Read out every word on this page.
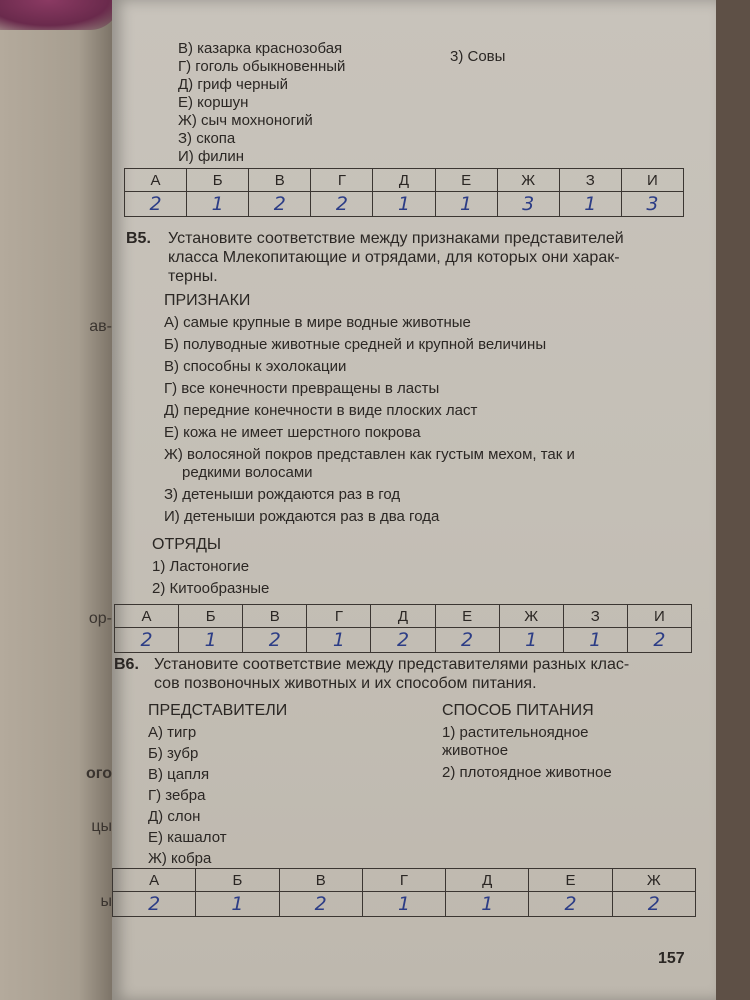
ав-
ор-
ого
цы
ы
В) казарка краснозобая
Г) гоголь обыкновенный
Д) гриф черный
Е) коршун
Ж) сыч мохноногий
З) скопа
И) филин
3) Совы
А	Б	В	Г	Д	Е	Ж	З	И
2	1	2	2	1	1	3	1	3
В5. Установите соответствие между признаками представителей
класса Млекопитающие и отрядами, для которых они харак-
терны.
ПРИЗНАКИ
А) самые крупные в мире водные животные
Б) полуводные животные средней и крупной величины
В) способны к эхолокации
Г) все конечности превращены в ласты
Д) передние конечности в виде плоских ласт
Е) кожа не имеет шерстного покрова
Ж) волосяной покров представлен как густым мехом, так и
редкими волосами
З) детеныши рождаются раз в год
И) детеныши рождаются раз в два года
ОТРЯДЫ
1) Ластоногие
2) Китообразные
А	Б	В	Г	Д	Е	Ж	З	И
2	1	2	1	2	2	1	1	2
В6. Установите соответствие между представителями разных клас-
сов позвоночных животных и их способом питания.
ПРЕДСТАВИТЕЛИ
А) тигр
Б) зубр
В) цапля
Г) зебра
Д) слон
Е) кашалот
Ж) кобра
СПОСОБ ПИТАНИЯ
1) растительноядное
животное
2) плотоядное животное
А	Б	В	Г	Д	Е	Ж
2	1	2	1	1	2	2
157
